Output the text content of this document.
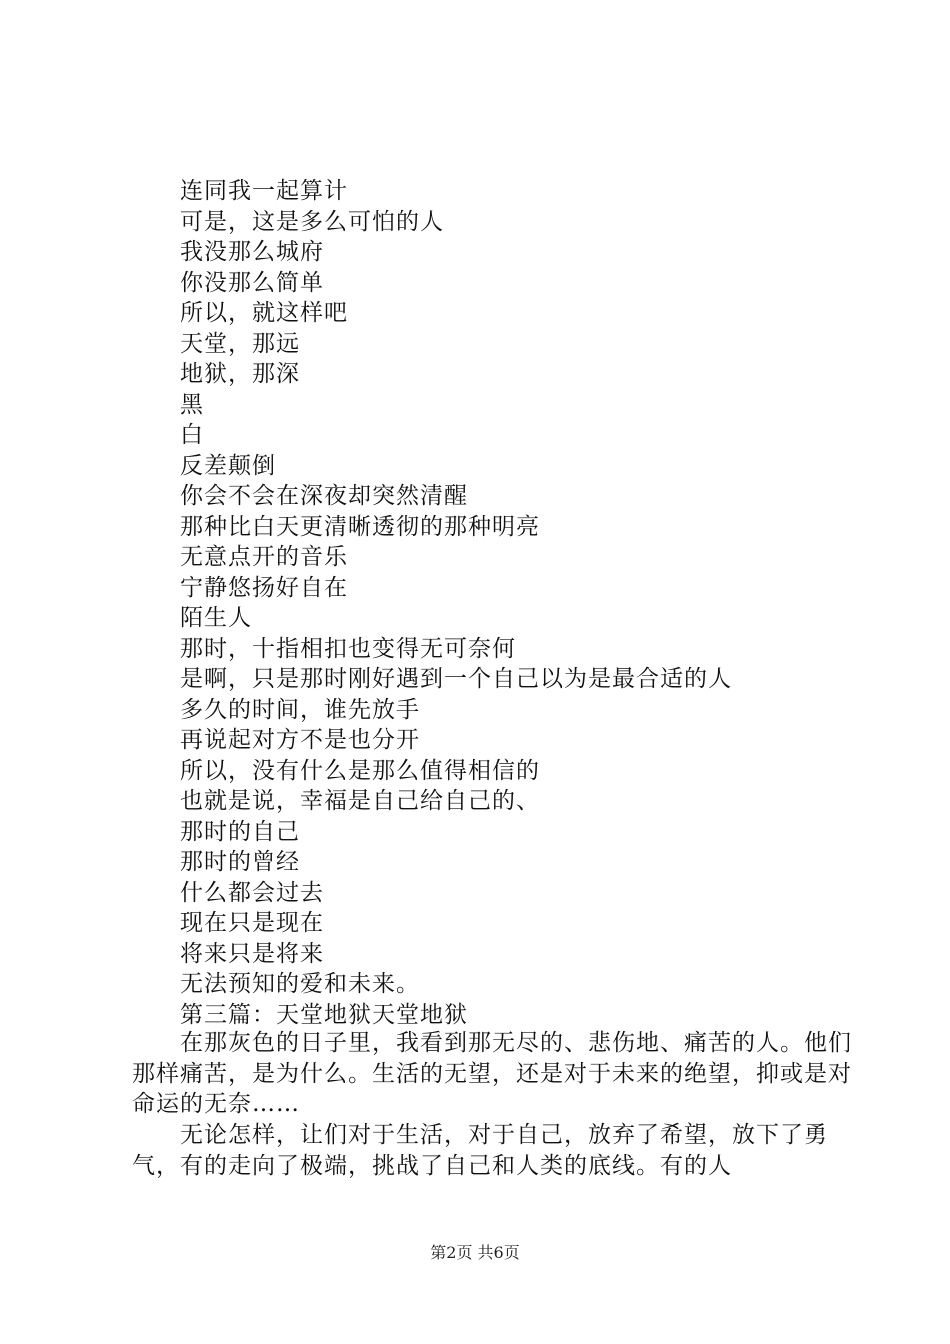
连同我一起算计
可是，这是多么可怕的人
我没那么城府
你没那么简单
所以，就这样吧
天堂，那远
地狱，那深
黑
白
反差颠倒
你会不会在深夜却突然清醒
那种比白天更清晰透彻的那种明亮
无意点开的音乐
宁静悠扬好自在
陌生人
那时，十指相扣也变得无可奈何
是啊，只是那时刚好遇到一个自己以为是最合适的人
多久的时间，谁先放手
再说起对方不是也分开
所以，没有什么是那么值得相信的
也就是说，幸福是自己给自己的、
那时的自己
那时的曾经
什么都会过去
现在只是现在
将来只是将来
无法预知的爱和未来。
第三篇：天堂地狱天堂地狱

在那灰色的日子里，我看到那无尽的、悲伤地、痛苦的人。他们那样痛苦，是为什么。生活的无望，还是对于未来的绝望，抑或是对命运的无奈……

无论怎样，让们对于生活，对于自己，放弃了希望，放下了勇气，有的走向了极端，挑战了自己和人类的底线。有的人

第2页 共6页
